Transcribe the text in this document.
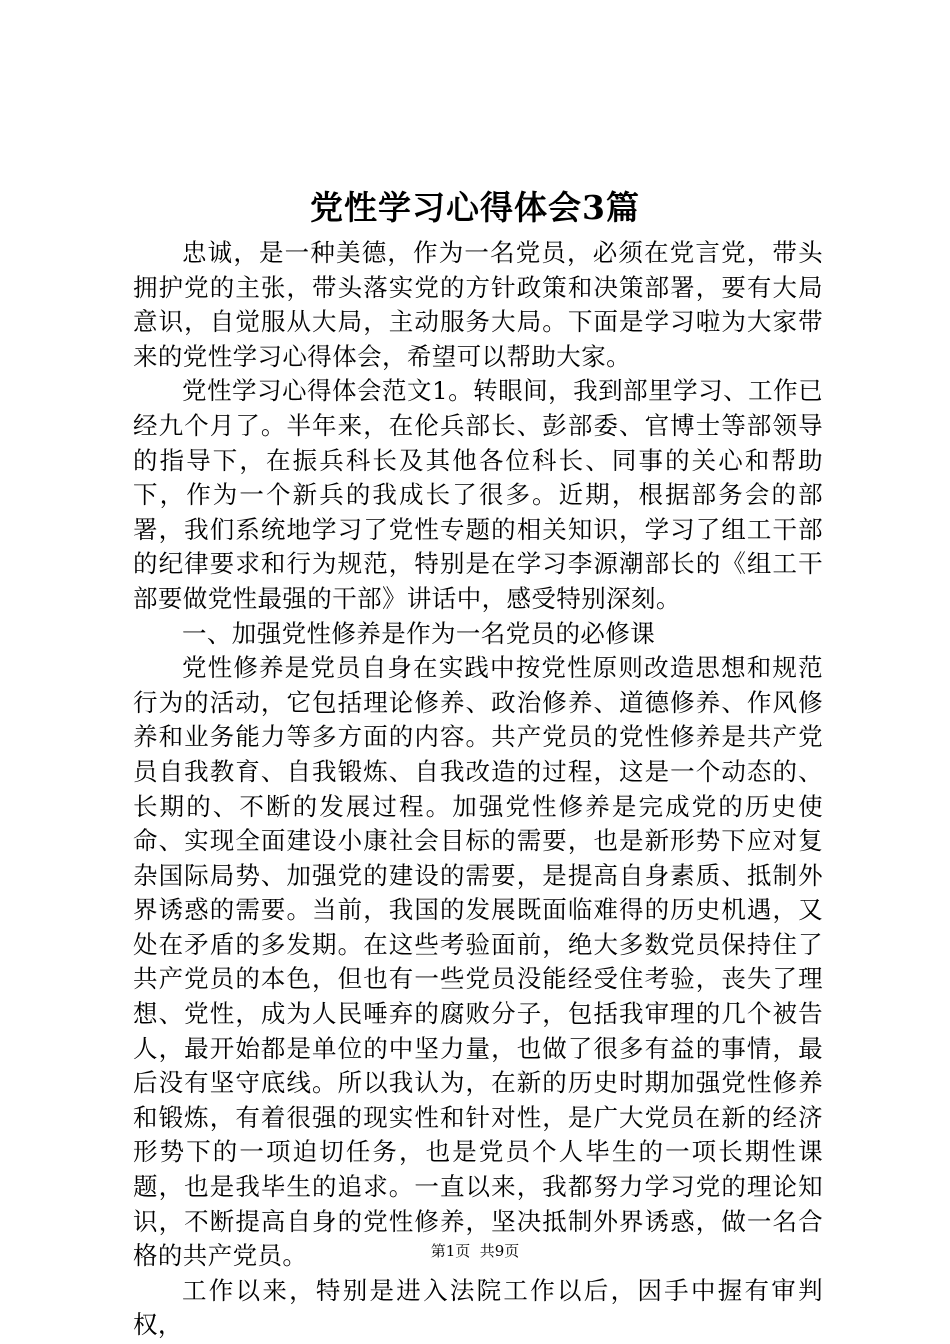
党性学习心得体会3篇

忠诚，是一种美德，作为一名党员，必须在党言党，带头拥护党的主张，带头落实党的方针政策和决策部署，要有大局意识，自觉服从大局，主动服务大局。下面是学习啦为大家带来的党性学习心得体会，希望可以帮助大家。

党性学习心得体会范文1。转眼间，我到部里学习、工作已经九个月了。半年来，在伦兵部长、彭部委、官博士等部领导的指导下，在振兵科长及其他各位科长、同事的关心和帮助下，作为一个新兵的我成长了很多。近期，根据部务会的部署，我们系统地学习了党性专题的相关知识，学习了组工干部的纪律要求和行为规范，特别是在学习李源潮部长的《组工干部要做党性最强的干部》讲话中，感受特别深刻。

一、加强党性修养是作为一名党员的必修课

党性修养是党员自身在实践中按党性原则改造思想和规范行为的活动，它包括理论修养、政治修养、道德修养、作风修养和业务能力等多方面的内容。共产党员的党性修养是共产党员自我教育、自我锻炼、自我改造的过程，这是一个动态的、长期的、不断的发展过程。加强党性修养是完成党的历史使命、实现全面建设小康社会目标的需要，也是新形势下应对复杂国际局势、加强党的建设的需要，是提高自身素质、抵制外界诱惑的需要。当前，我国的发展既面临难得的历史机遇，又处在矛盾的多发期。在这些考验面前，绝大多数党员保持住了共产党员的本色，但也有一些党员没能经受住考验，丧失了理想、党性，成为人民唾弃的腐败分子，包括我审理的几个被告人，最开始都是单位的中坚力量，也做了很多有益的事情，最后没有坚守底线。所以我认为，在新的历史时期加强党性修养和锻炼，有着很强的现实性和针对性，是广大党员在新的经济形势下的一项迫切任务，也是党员个人毕生的一项长期性课题，也是我毕生的追求。一直以来，我都努力学习党的理论知识，不断提高自身的党性修养，坚决抵制外界诱惑，做一名合格的共产党员。

工作以来，特别是进入法院工作以后，因手中握有审判权，

第1页  共9页
